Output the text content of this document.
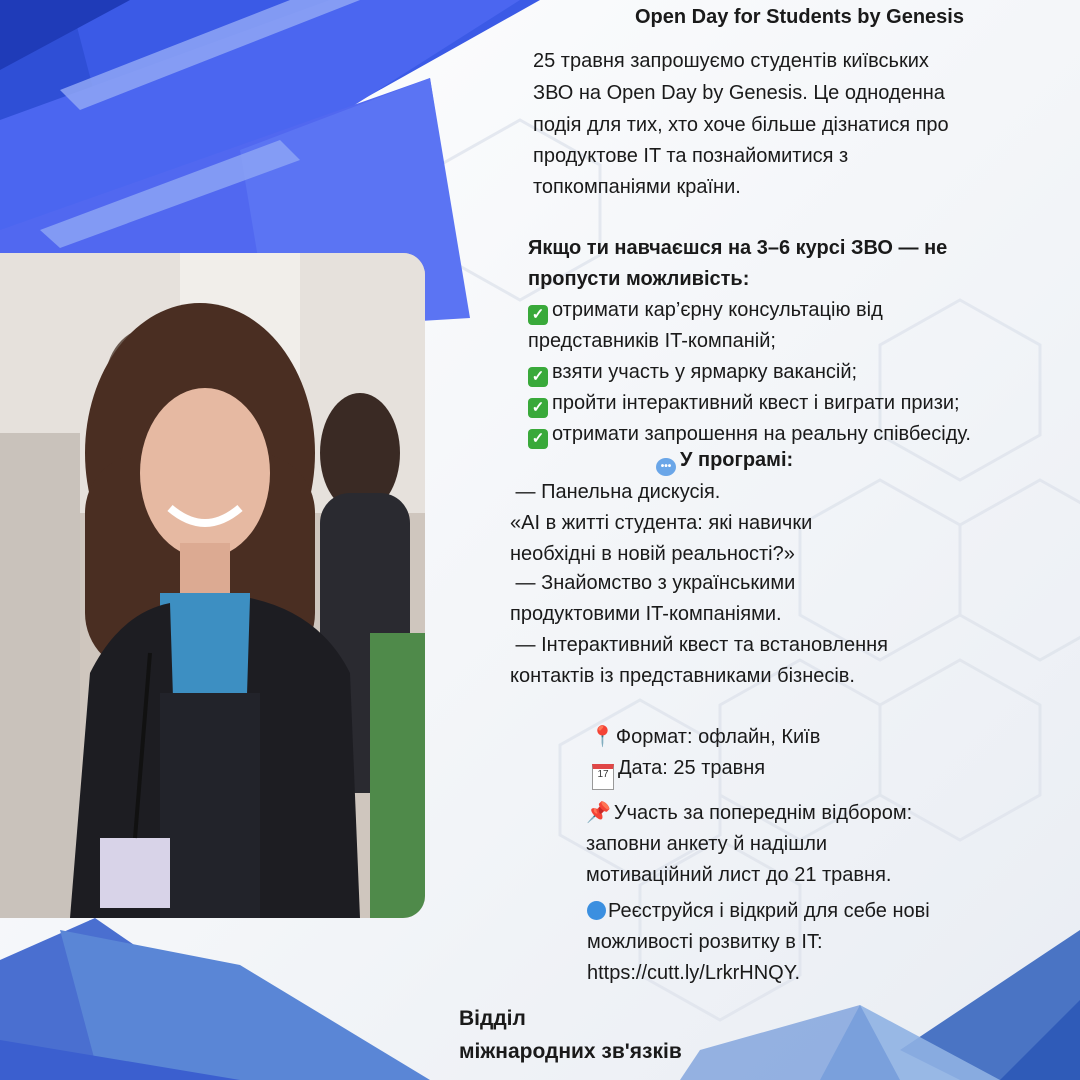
Open Day for Students by Genesis
25 травня запрошуємо студентів київських
ЗВО на Open Day by Genesis. Це одноденна
подія для тих, хто хоче більше дізнатися про
продуктове IT та познайомитися з
топкомпаніями країни.
Якщо ти навчаєшся на 3–6 курсі ЗВО — не
пропусти можливість:
✓ отримати кар’єрну консультацію від
представників IT-компаній;
✓ взяти участь у ярмарку вакансій;
✓ пройти інтерактивний квест і виграти призи;
✓ отримати запрошення на реальну співбесіду.
••• У програмі:
— Панельна дискусія.
«AI в житті студента: які навички
необхідні в новій реальності?»
— Знайомство з українськими
продуктовими IT-компаніями.
— Інтерактивний квест та встановлення
контактів із представниками бізнесів.
📍Формат: офлайн, Київ
17 Дата: 25 травня
📌 Участь за попереднім відбором:
заповни анкету й надішли
мотиваційний лист до 21 травня.
Реєструйся і відкрий для себе нові
можливості розвитку в IT:
https://cutt.ly/LrkrHNQY.
Відділ
міжнародних зв'язків
